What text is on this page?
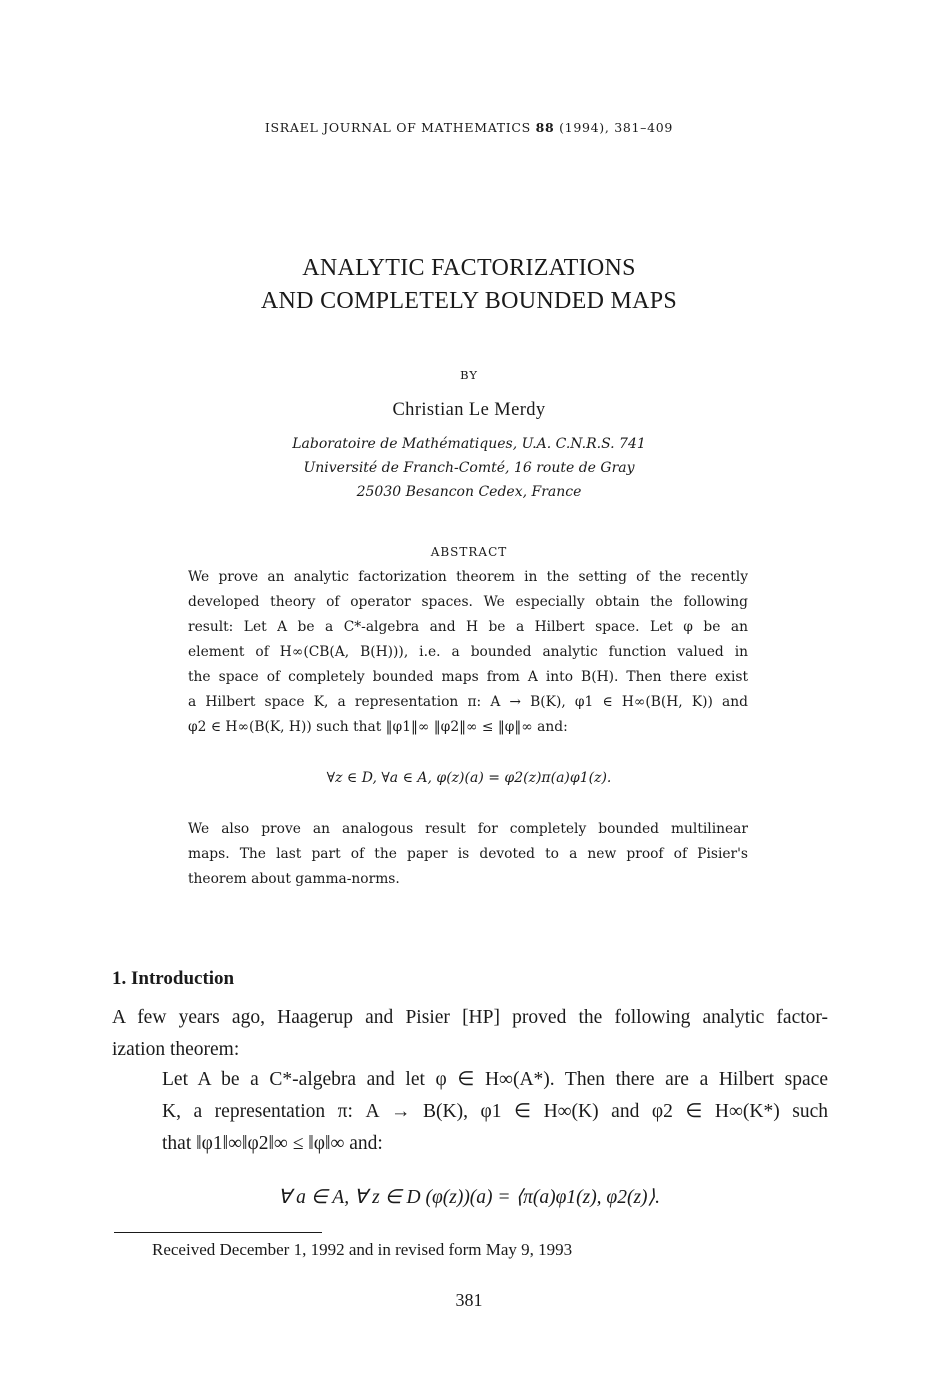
ISRAEL JOURNAL OF MATHEMATICS 88 (1994), 381–409
ANALYTIC FACTORIZATIONS
AND COMPLETELY BOUNDED MAPS
BY
Christian Le Merdy
Laboratoire de Mathématiques, U.A. C.N.R.S. 741
Université de Franch-Comté, 16 route de Gray
25030 Besancon Cedex, France
ABSTRACT
We prove an analytic factorization theorem in the setting of the recently
developed theory of operator spaces. We especially obtain the following
result: Let A be a C*-algebra and H be a Hilbert space. Let φ be an
element of H∞(CB(A, B(H))), i.e. a bounded analytic function valued in
the space of completely bounded maps from A into B(H). Then there exist
a Hilbert space K, a representation π: A → B(K), φ1 ∈ H∞(B(H, K)) and
φ2 ∈ H∞(B(K, H)) such that ‖φ1‖∞ ‖φ2‖∞ ≤ ‖φ‖∞ and:
∀z ∈ D, ∀a ∈ A, φ(z)(a) = φ2(z)π(a)φ1(z).
We also prove an analogous result for completely bounded multilinear
maps. The last part of the paper is devoted to a new proof of Pisier's
theorem about gamma-norms.
1. Introduction
A few years ago, Haagerup and Pisier [HP] proved the following analytic factor-
ization theorem:
Let A be a C*-algebra and let φ ∈ H∞(A*). Then there are a Hilbert space
K, a representation π: A → B(K), φ1 ∈ H∞(K) and φ2 ∈ H∞(K*) such
that ‖φ1‖∞‖φ2‖∞ ≤ ‖φ‖∞ and:
∀ a ∈ A, ∀ z ∈ D (φ(z))(a) = ⟨π(a)φ1(z), φ2(z)⟩.
Received December 1, 1992 and in revised form May 9, 1993
381
